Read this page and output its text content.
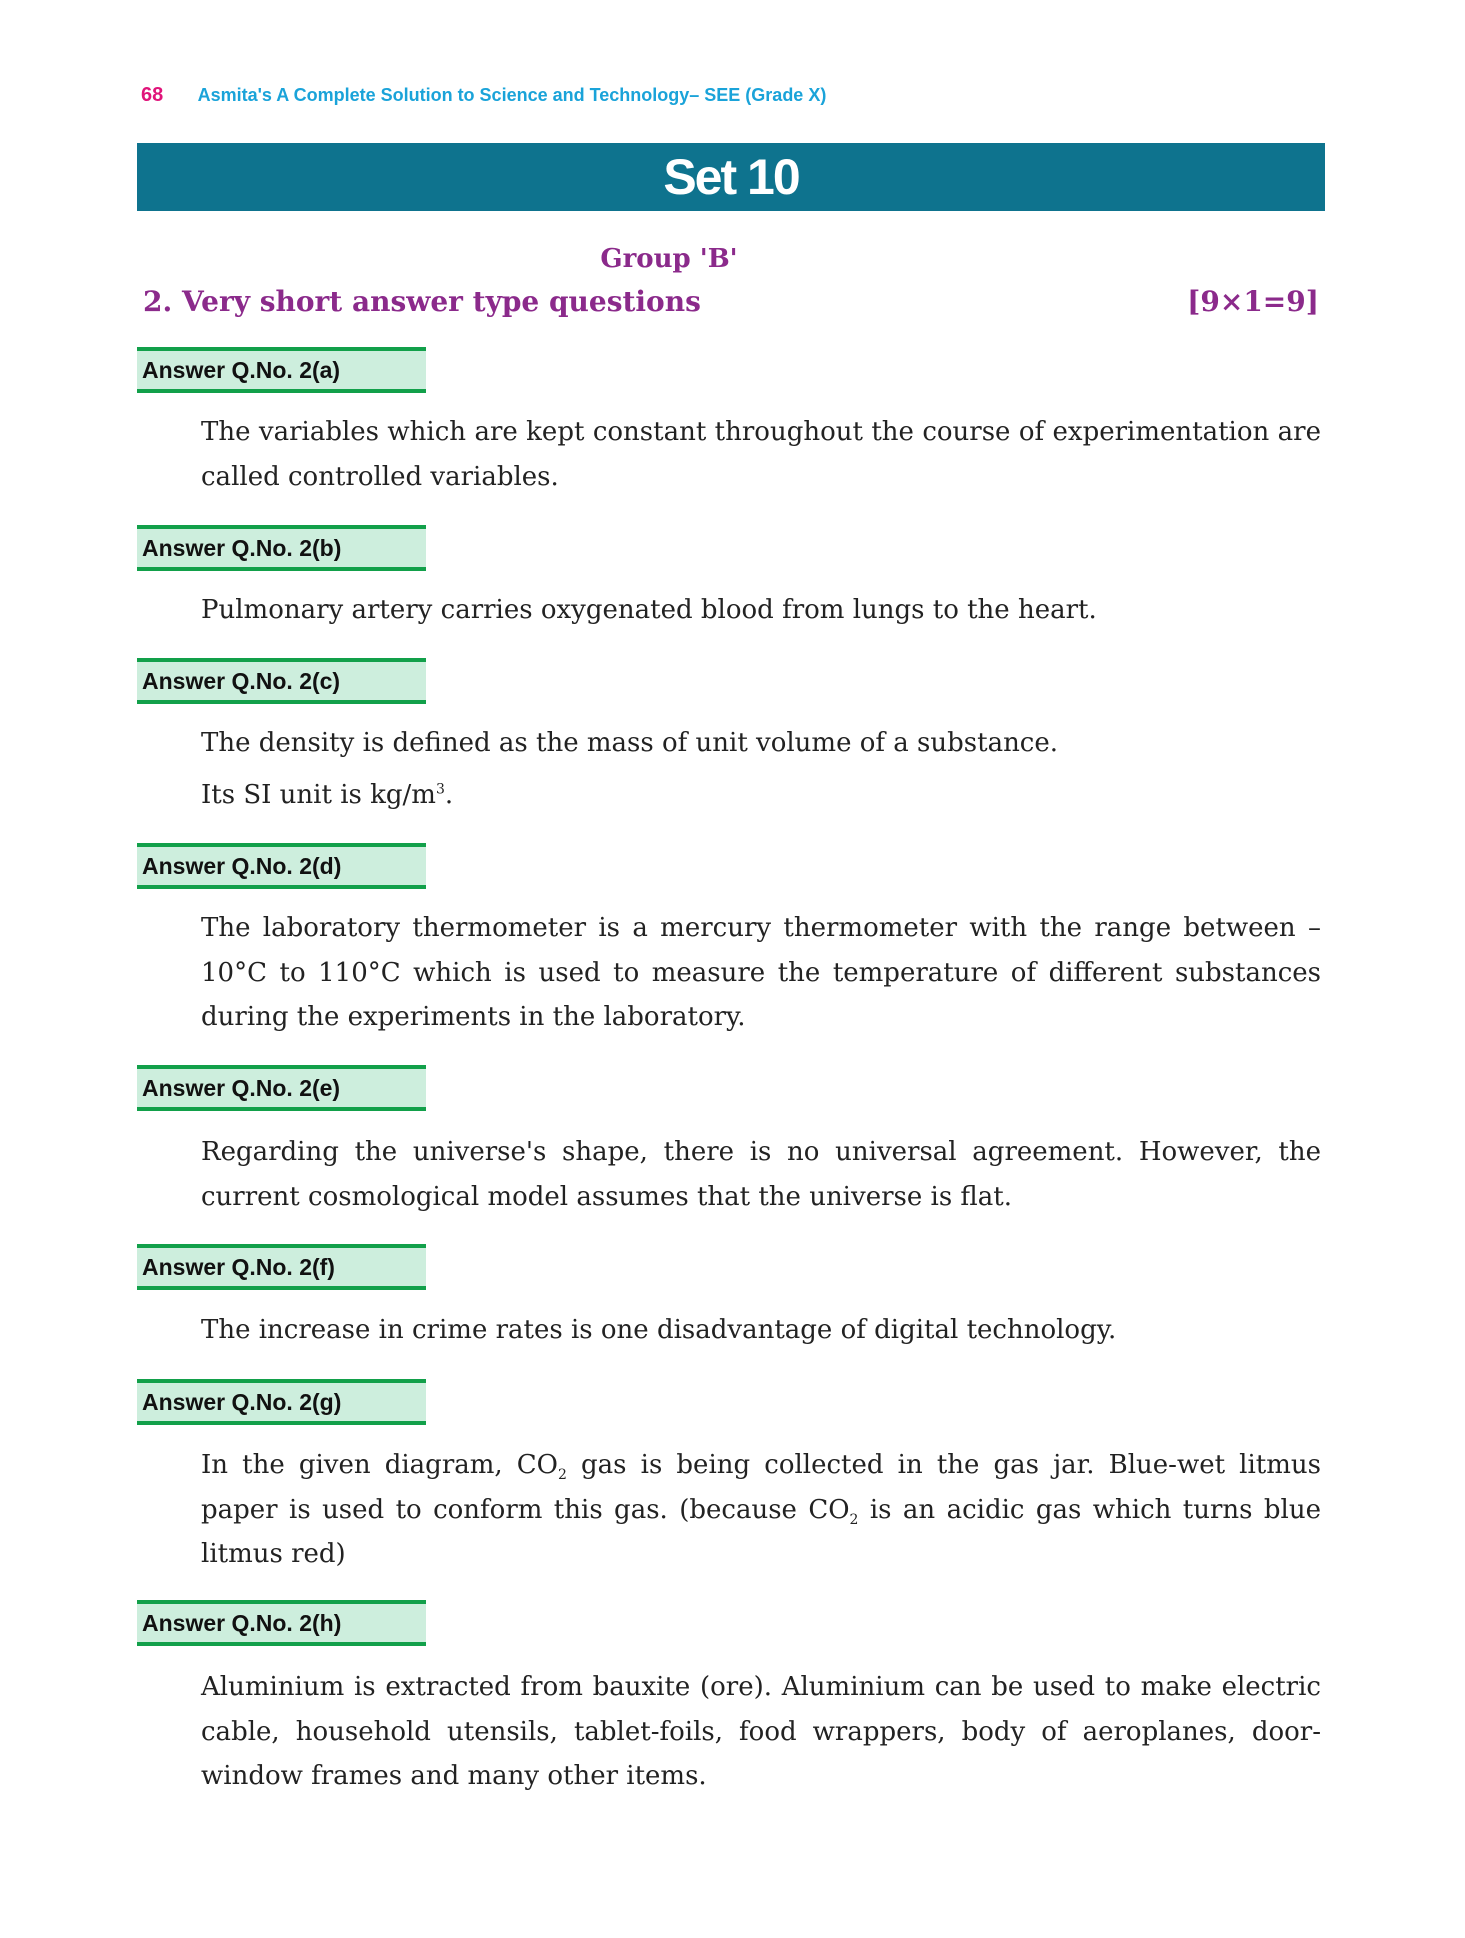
68 Asmita's A Complete Solution to Science and Technology– SEE (Grade X)
Set 10
Group 'B'
2. Very short answer type questions	[9×1=9]
Answer Q.No. 2(a)

The variables which are kept constant throughout the course of experimentation are called controlled variables.

Answer Q.No. 2(b)

Pulmonary artery carries oxygenated blood from lungs to the heart.

Answer Q.No. 2(c)

The density is defined as the mass of unit volume of a substance.

Its SI unit is $kg/m^3$.

Answer Q.No. 2(d)

The laboratory thermometer is a mercury thermometer with the range between – 10°C to 110°C which is used to measure the temperature of different substances during the experiments in the laboratory.

Answer Q.No. 2(e)

Regarding the universe's shape, there is no universal agreement. However, the current cosmological model assumes that the universe is flat.

Answer Q.No. 2(f)

The increase in crime rates is one disadvantage of digital technology.

Answer Q.No. 2(g)

In the given diagram, $CO_2$ gas is being collected in the gas jar. Blue-wet litmus paper is used to conform this gas. (because $CO_2$ is an acidic gas which turns blue litmus red)

Answer Q.No. 2(h)

Aluminium is extracted from bauxite (ore). Aluminium can be used to make electric cable, household utensils, tablet-foils, food wrappers, body of aeroplanes, door-window frames and many other items.
